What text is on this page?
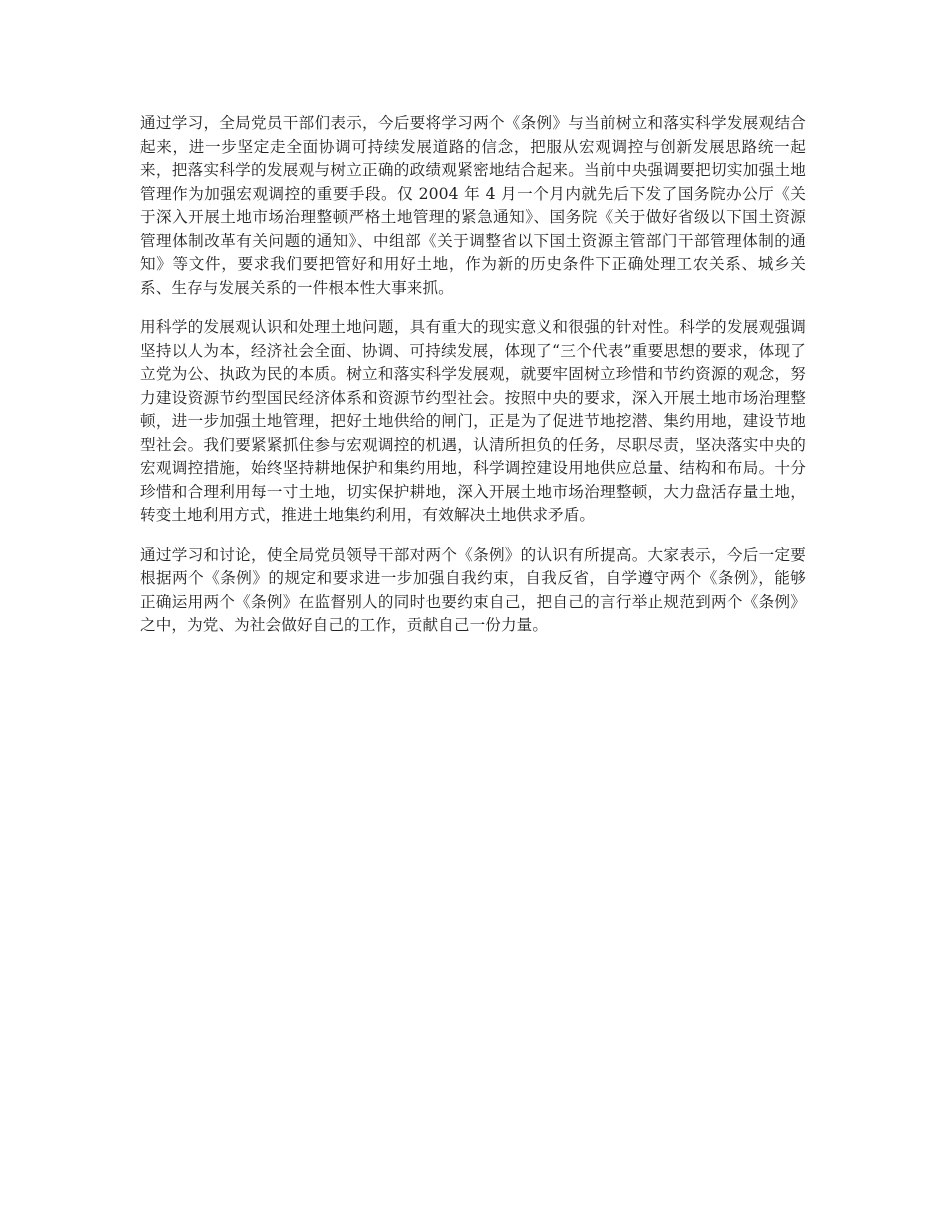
通过学习，全局党员干部们表示，今后要将学习两个《条例》与当前树立和落实科学发展观结合起来，进一步坚定走全面协调可持续发展道路的信念，把服从宏观调控与创新发展思路统一起来，把落实科学的发展观与树立正确的政绩观紧密地结合起来。当前中央强调要把切实加强土地管理作为加强宏观调控的重要手段。仅 2004 年 4 月一个月内就先后下发了国务院办公厅《关于深入开展土地市场治理整顿严格土地管理的紧急通知》、国务院《关于做好省级以下国土资源管理体制改革有关问题的通知》、中组部《关于调整省以下国土资源主管部门干部管理体制的通知》等文件，要求我们要把管好和用好土地，作为新的历史条件下正确处理工农关系、城乡关系、生存与发展关系的一件根本性大事来抓。

用科学的发展观认识和处理土地问题，具有重大的现实意义和很强的针对性。科学的发展观强调坚持以人为本，经济社会全面、协调、可持续发展，体现了“三个代表”重要思想的要求，体现了立党为公、执政为民的本质。树立和落实科学发展观，就要牢固树立珍惜和节约资源的观念，努力建设资源节约型国民经济体系和资源节约型社会。按照中央的要求，深入开展土地市场治理整顿，进一步加强土地管理，把好土地供给的闸门，正是为了促进节地挖潜、集约用地，建设节地型社会。我们要紧紧抓住参与宏观调控的机遇，认清所担负的任务，尽职尽责，坚决落实中央的宏观调控措施，始终坚持耕地保护和集约用地，科学调控建设用地供应总量、结构和布局。十分珍惜和合理利用每一寸土地，切实保护耕地，深入开展土地市场治理整顿，大力盘活存量土地，转变土地利用方式，推进土地集约利用，有效解决土地供求矛盾。

通过学习和讨论，使全局党员领导干部对两个《条例》的认识有所提高。大家表示，今后一定要根据两个《条例》的规定和要求进一步加强自我约束，自我反省，自学遵守两个《条例》，能够正确运用两个《条例》在监督别人的同时也要约束自己，把自己的言行举止规范到两个《条例》之中，为党、为社会做好自己的工作，贡献自己一份力量。
